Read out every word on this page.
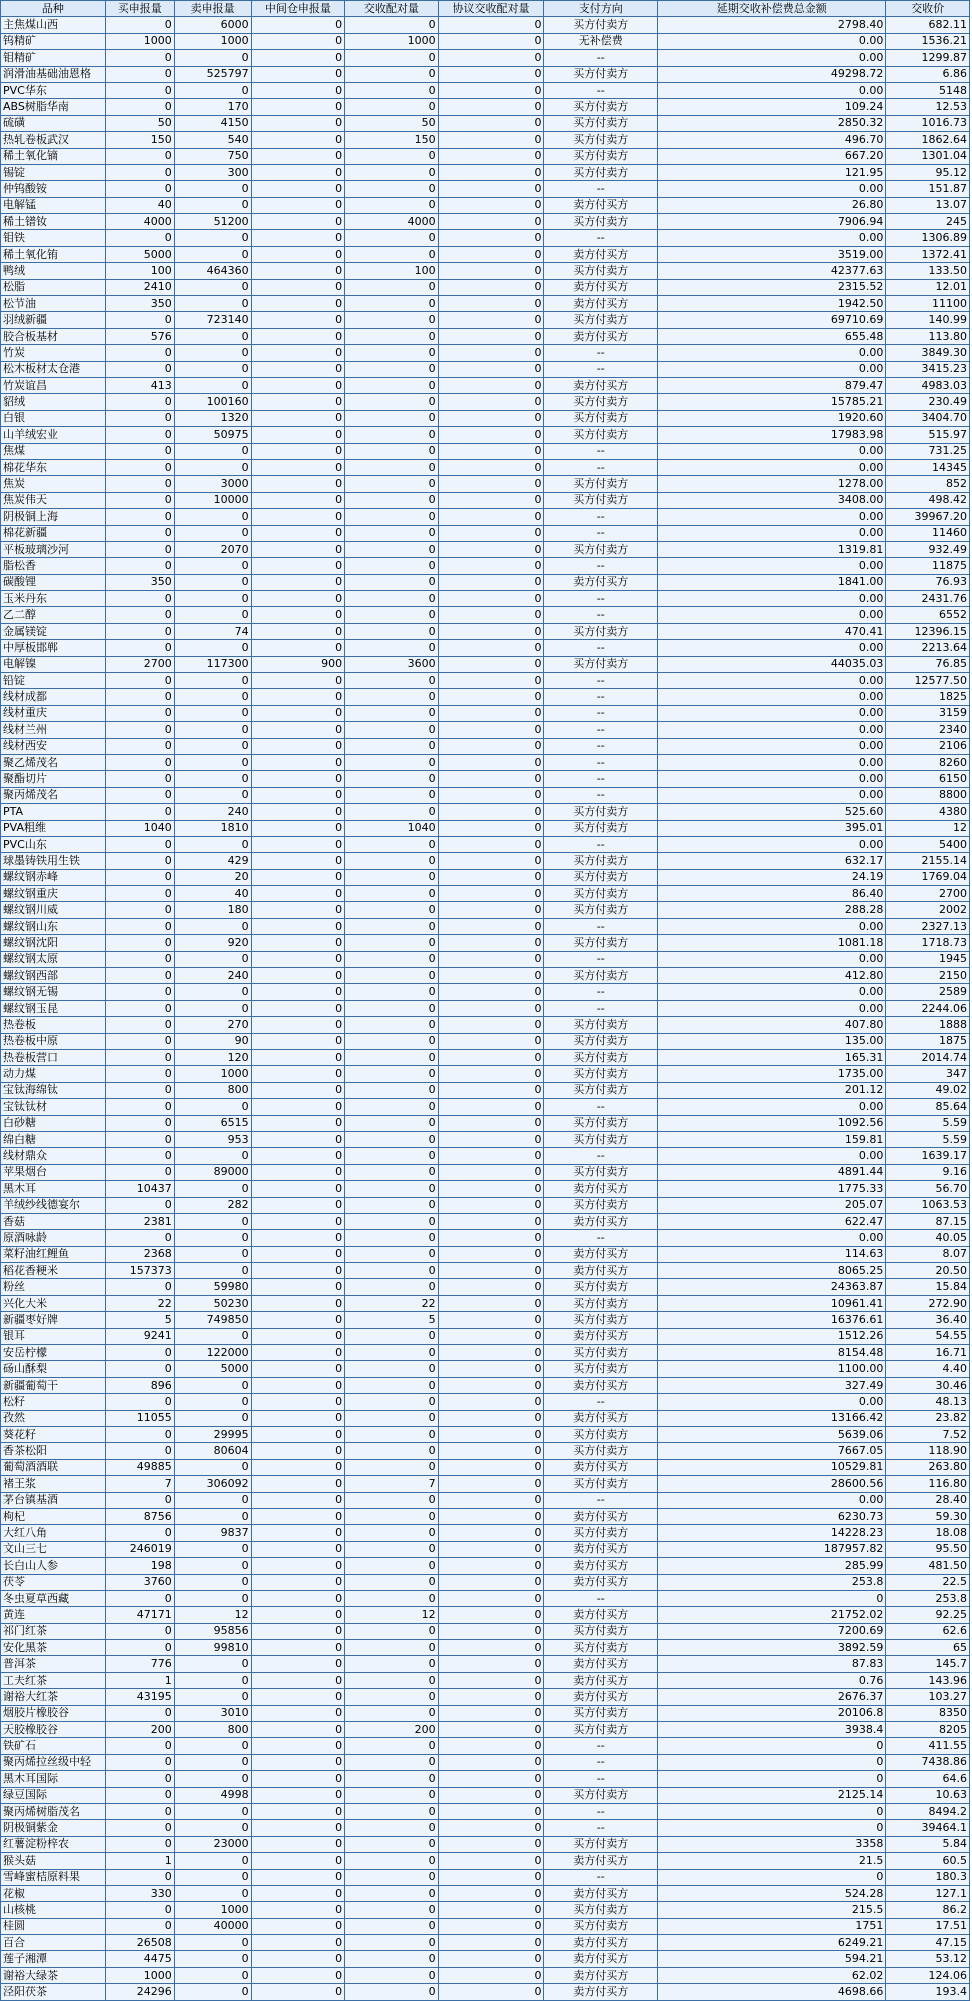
品种	买申报量	卖申报量	中间仓申报量	交收配对量	协议交收配对量	支付方向	延期交收补偿费总金额	交收价
主焦煤山西	0	6000	0	0	0	买方付卖方	2798.40	682.11
钨精矿	1000	1000	0	1000	0	无补偿费	0.00	1536.21
钼精矿	0	0	0	0	0	--	0.00	1299.87
润滑油基础油恩格	0	525797	0	0	0	买方付卖方	49298.72	6.86
PVC华东	0	0	0	0	0	--	0.00	5148
ABS树脂华南	0	170	0	0	0	买方付卖方	109.24	12.53
硫磺	50	4150	0	50	0	买方付卖方	2850.32	1016.73
热轧卷板武汉	150	540	0	150	0	买方付卖方	496.70	1862.64
稀土氧化镝	0	750	0	0	0	买方付卖方	667.20	1301.04
锡锭	0	300	0	0	0	买方付卖方	121.95	95.12
仲钨酸铵	0	0	0	0	0	--	0.00	151.87
电解锰	40	0	0	0	0	卖方付买方	26.80	13.07
稀土镨钕	4000	51200	0	4000	0	买方付卖方	7906.94	245
钼铁	0	0	0	0	0	--	0.00	1306.89
稀土氧化铕	5000	0	0	0	0	卖方付买方	3519.00	1372.41
鸭绒	100	464360	0	100	0	买方付卖方	42377.63	133.50
松脂	2410	0	0	0	0	卖方付买方	2315.52	12.01
松节油	350	0	0	0	0	卖方付买方	1942.50	11100
羽绒新疆	0	723140	0	0	0	买方付卖方	69710.69	140.99
胶合板基材	576	0	0	0	0	卖方付买方	655.48	113.80
竹炭	0	0	0	0	0	--	0.00	3849.30
松木板材太仓港	0	0	0	0	0	--	0.00	3415.23
竹炭谊昌	413	0	0	0	0	卖方付买方	879.47	4983.03
貂绒	0	100160	0	0	0	买方付卖方	15785.21	230.49
白银	0	1320	0	0	0	买方付卖方	1920.60	3404.70
山羊绒宏业	0	50975	0	0	0	买方付卖方	17983.98	515.97
焦煤	0	0	0	0	0	--	0.00	731.25
棉花华东	0	0	0	0	0	--	0.00	14345
焦炭	0	3000	0	0	0	买方付卖方	1278.00	852
焦炭伟天	0	10000	0	0	0	买方付卖方	3408.00	498.42
阴极铜上海	0	0	0	0	0	--	0.00	39967.20
棉花新疆	0	0	0	0	0	--	0.00	11460
平板玻璃沙河	0	2070	0	0	0	买方付卖方	1319.81	932.49
脂松香	0	0	0	0	0	--	0.00	11875
碳酸锂	350	0	0	0	0	卖方付买方	1841.00	76.93
玉米丹东	0	0	0	0	0	--	0.00	2431.76
乙二醇	0	0	0	0	0	--	0.00	6552
金属镁锭	0	74	0	0	0	买方付卖方	470.41	12396.15
中厚板邯郸	0	0	0	0	0	--	0.00	2213.64
电解镍	2700	117300	900	3600	0	买方付卖方	44035.03	76.85
铅锭	0	0	0	0	0	--	0.00	12577.50
线材成都	0	0	0	0	0	--	0.00	1825
线材重庆	0	0	0	0	0	--	0.00	3159
线材兰州	0	0	0	0	0	--	0.00	2340
线材西安	0	0	0	0	0	--	0.00	2106
聚乙烯茂名	0	0	0	0	0	--	0.00	8260
聚酯切片	0	0	0	0	0	--	0.00	6150
聚丙烯茂名	0	0	0	0	0	--	0.00	8800
PTA	0	240	0	0	0	买方付卖方	525.60	4380
PVA粗维	1040	1810	0	1040	0	买方付卖方	395.01	12
PVC山东	0	0	0	0	0	--	0.00	5400
球墨铸铁用生铁	0	429	0	0	0	买方付卖方	632.17	2155.14
螺纹钢赤峰	0	20	0	0	0	买方付卖方	24.19	1769.04
螺纹钢重庆	0	40	0	0	0	买方付卖方	86.40	2700
螺纹钢川威	0	180	0	0	0	买方付卖方	288.28	2002
螺纹钢山东	0	0	0	0	0	--	0.00	2327.13
螺纹钢沈阳	0	920	0	0	0	买方付卖方	1081.18	1718.73
螺纹钢太原	0	0	0	0	0	--	0.00	1945
螺纹钢西部	0	240	0	0	0	买方付卖方	412.80	2150
螺纹钢无锡	0	0	0	0	0	--	0.00	2589
螺纹钢玉昆	0	0	0	0	0	--	0.00	2244.06
热卷板	0	270	0	0	0	买方付卖方	407.80	1888
热卷板中原	0	90	0	0	0	买方付卖方	135.00	1875
热卷板营口	0	120	0	0	0	买方付卖方	165.31	2014.74
动力煤	0	1000	0	0	0	买方付卖方	1735.00	347
宝钛海绵钛	0	800	0	0	0	买方付卖方	201.12	49.02
宝钛钛材	0	0	0	0	0	--	0.00	85.64
白砂糖	0	6515	0	0	0	买方付卖方	1092.56	5.59
绵白糖	0	953	0	0	0	买方付卖方	159.81	5.59
线材鼎众	0	0	0	0	0	--	0.00	1639.17
苹果烟台	0	89000	0	0	0	买方付卖方	4891.44	9.16
黑木耳	10437	0	0	0	0	卖方付买方	1775.33	56.70
羊绒纱线德宴尔	0	282	0	0	0	买方付卖方	205.07	1063.53
香菇	2381	0	0	0	0	卖方付买方	622.47	87.15
原酒咏龄	0	0	0	0	0	--	0.00	40.05
菜籽油红鲤鱼	2368	0	0	0	0	卖方付买方	114.63	8.07
稻花香粳米	157373	0	0	0	0	卖方付买方	8065.25	20.50
粉丝	0	59980	0	0	0	买方付卖方	24363.87	15.84
兴化大米	22	50230	0	22	0	买方付卖方	10961.41	272.90
新疆枣好牌	5	749850	0	5	0	买方付卖方	16376.61	36.40
银耳	9241	0	0	0	0	卖方付买方	1512.26	54.55
安岳柠檬	0	122000	0	0	0	买方付卖方	8154.48	16.71
砀山酥梨	0	5000	0	0	0	买方付卖方	1100.00	4.40
新疆葡萄干	896	0	0	0	0	卖方付买方	327.49	30.46
松籽	0	0	0	0	0	--	0.00	48.13
孜然	11055	0	0	0	0	卖方付买方	13166.42	23.82
葵花籽	0	29995	0	0	0	买方付卖方	5639.06	7.52
香茶松阳	0	80604	0	0	0	买方付卖方	7667.05	118.90
葡萄酒酒联	49885	0	0	0	0	卖方付买方	10529.81	263.80
褚王浆	7	306092	0	7	0	买方付卖方	28600.56	116.80
茅台镇基酒	0	0	0	0	0	--	0.00	28.40
枸杞	8756	0	0	0	0	卖方付买方	6230.73	59.30
大红八角	0	9837	0	0	0	买方付卖方	14228.23	18.08
文山三七	246019	0	0	0	0	卖方付买方	187957.82	95.50
长白山人参	198	0	0	0	0	卖方付买方	285.99	481.50
茯苓	3760	0	0	0	0	卖方付买方	253.8	22.5
冬虫夏草西藏	0	0	0	0	0	--	0	253.8
黄连	47171	12	0	12	0	卖方付买方	21752.02	92.25
祁门红茶	0	95856	0	0	0	买方付卖方	7200.69	62.6
安化黑茶	0	99810	0	0	0	买方付卖方	3892.59	65
普洱茶	776	0	0	0	0	卖方付买方	87.83	145.7
工夫红茶	1	0	0	0	0	卖方付买方	0.76	143.96
谢裕大红茶	43195	0	0	0	0	卖方付买方	2676.37	103.27
烟胶片橡胶谷	0	3010	0	0	0	买方付卖方	20106.8	8350
天胶橡胶谷	200	800	0	200	0	买方付卖方	3938.4	8205
铁矿石	0	0	0	0	0	--	0	411.55
聚丙烯拉丝级中轻	0	0	0	0	0	--	0	7438.86
黑木耳国际	0	0	0	0	0	--	0	64.6
绿豆国际	0	4998	0	0	0	买方付卖方	2125.14	10.63
聚丙烯树脂茂名	0	0	0	0	0	--	0	8494.2
阴极铜紫金	0	0	0	0	0	--	0	39464.1
红薯淀粉梓农	0	23000	0	0	0	买方付卖方	3358	5.84
猴头菇	1	0	0	0	0	卖方付买方	21.5	60.5
雪峰蜜桔原料果	0	0	0	0	0	--	0	180.3
花椒	330	0	0	0	0	卖方付买方	524.28	127.1
山核桃	0	1000	0	0	0	买方付卖方	215.5	86.2
桂圆	0	40000	0	0	0	买方付卖方	1751	17.51
百合	26508	0	0	0	0	卖方付买方	6249.21	47.15
莲子湘潭	4475	0	0	0	0	卖方付买方	594.21	53.12
谢裕大绿茶	1000	0	0	0	0	卖方付买方	62.02	124.06
泾阳茯茶	24296	0	0	0	0	卖方付买方	4698.66	193.4
